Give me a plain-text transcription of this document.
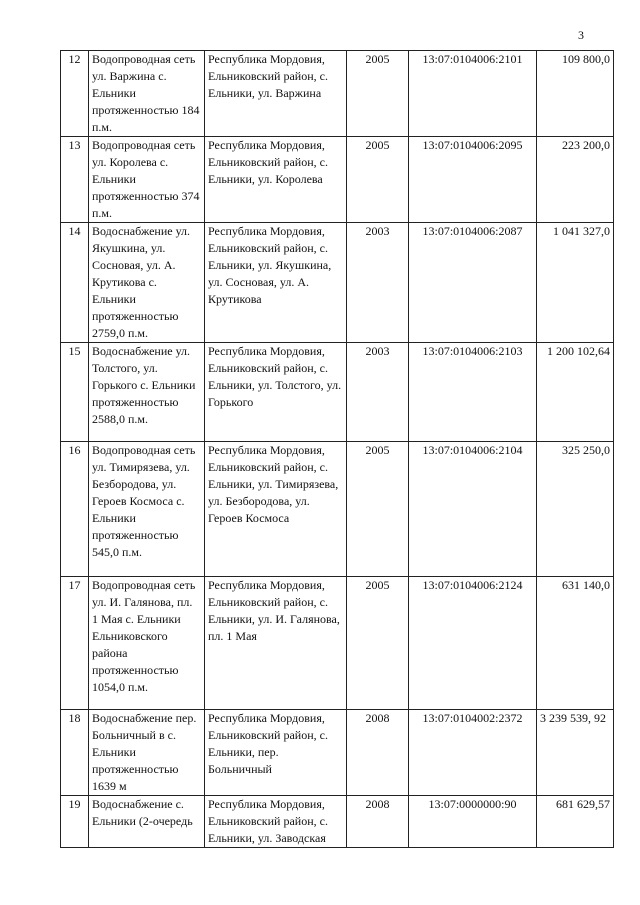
3
12	Водопроводная сеть ул. Варжина с. Ельники протяженностью 184 п.м.	Республика Мордовия, Ельниковский район, с. Ельники, ул. Варжина	2005	13:07:0104006:2101	109 800,0
13	Водопроводная сеть ул. Королева с. Ельники протяженностью 374 п.м.	Республика Мордовия, Ельниковский район, с. Ельники, ул. Королева	2005	13:07:0104006:2095	223 200,0
14	Водоснабжение ул. Якушкина, ул. Сосновая, ул. А. Крутикова с. Ельники протяженностью 2759,0 п.м.	Республика Мордовия, Ельниковский район, с. Ельники, ул. Якушкина, ул. Сосновая, ул. А. Крутикова	2003	13:07:0104006:2087	1 041 327,0
15	Водоснабжение ул. Толстого, ул. Горького с. Ельники протяженностью 2588,0 п.м.	Республика Мордовия, Ельниковский район, с. Ельники, ул. Толстого, ул. Горького	2003	13:07:0104006:2103	1 200 102,64
16	Водопроводная сеть ул. Тимирязева, ул. Безбородова, ул. Героев Космоса с. Ельники протяженностью 545,0 п.м.	Республика Мордовия, Ельниковский район, с. Ельники, ул. Тимирязева, ул. Безбородова, ул. Героев Космоса	2005	13:07:0104006:2104	325 250,0
17	Водопроводная сеть ул. И. Галянова, пл. 1 Мая с. Ельники Ельниковского района протяженностью 1054,0 п.м.	Республика Мордовия, Ельниковский район, с. Ельники, ул. И. Галянова, пл. 1 Мая	2005	13:07:0104006:2124	631 140,0
18	Водоснабжение пер. Больничный в с. Ельники протяженностью 1639 м	Республика Мордовия, Ельниковский район, с. Ельники, пер. Больничный	2008	13:07:0104002:2372	3 239 539, 92
19	Водоснабжение с. Ельники (2-очередь	Республика Мордовия, Ельниковский район, с. Ельники, ул. Заводская	2008	13:07:0000000:90	681 629,57
